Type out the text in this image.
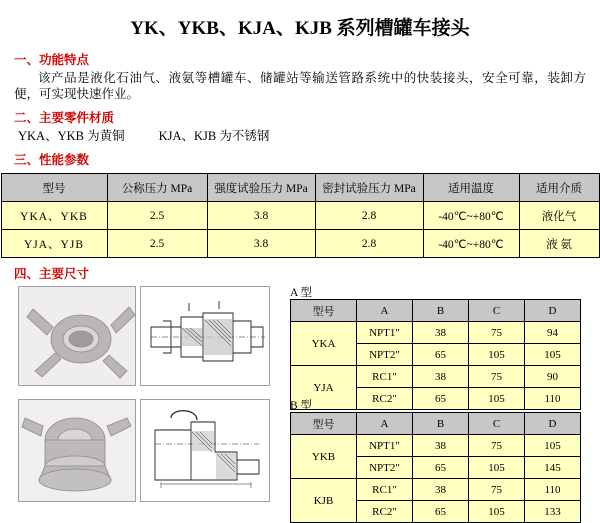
YK、YKB、KJA、KJB 系列槽罐车接头
一、功能特点
该产品是液化石油气、液氨等槽罐车、储罐站等输送管路系统中的快装接头，安全可靠，装卸方便，可实现快速作业。
二、主要零件材质
YKA、YKB 为黄铜	KJA、KJB 为不锈钢
三、性能参数
型号	公称压力 MPa	强度试验压力 MPa	密封试验压力 MPa	适用温度	适用介质
YKA、YKB	2.5	3.8	2.8	-40℃~+80℃	液化气
YJA、YJB	2.5	3.8	2.8	-40℃~+80℃	液 氨
四、主要尺寸
A 型
型号	A	B	C	D
YKA	NPT1"	38	75	94
	NPT2"	65	105	105
YJA	RC1"	38	75	90
	RC2"	65	105	110
B 型
型号	A	B	C	D
YKB	NPT1"	38	75	105
	NPT2"	65	105	145
KJB	RC1"	38	75	110
	RC2"	65	105	133
